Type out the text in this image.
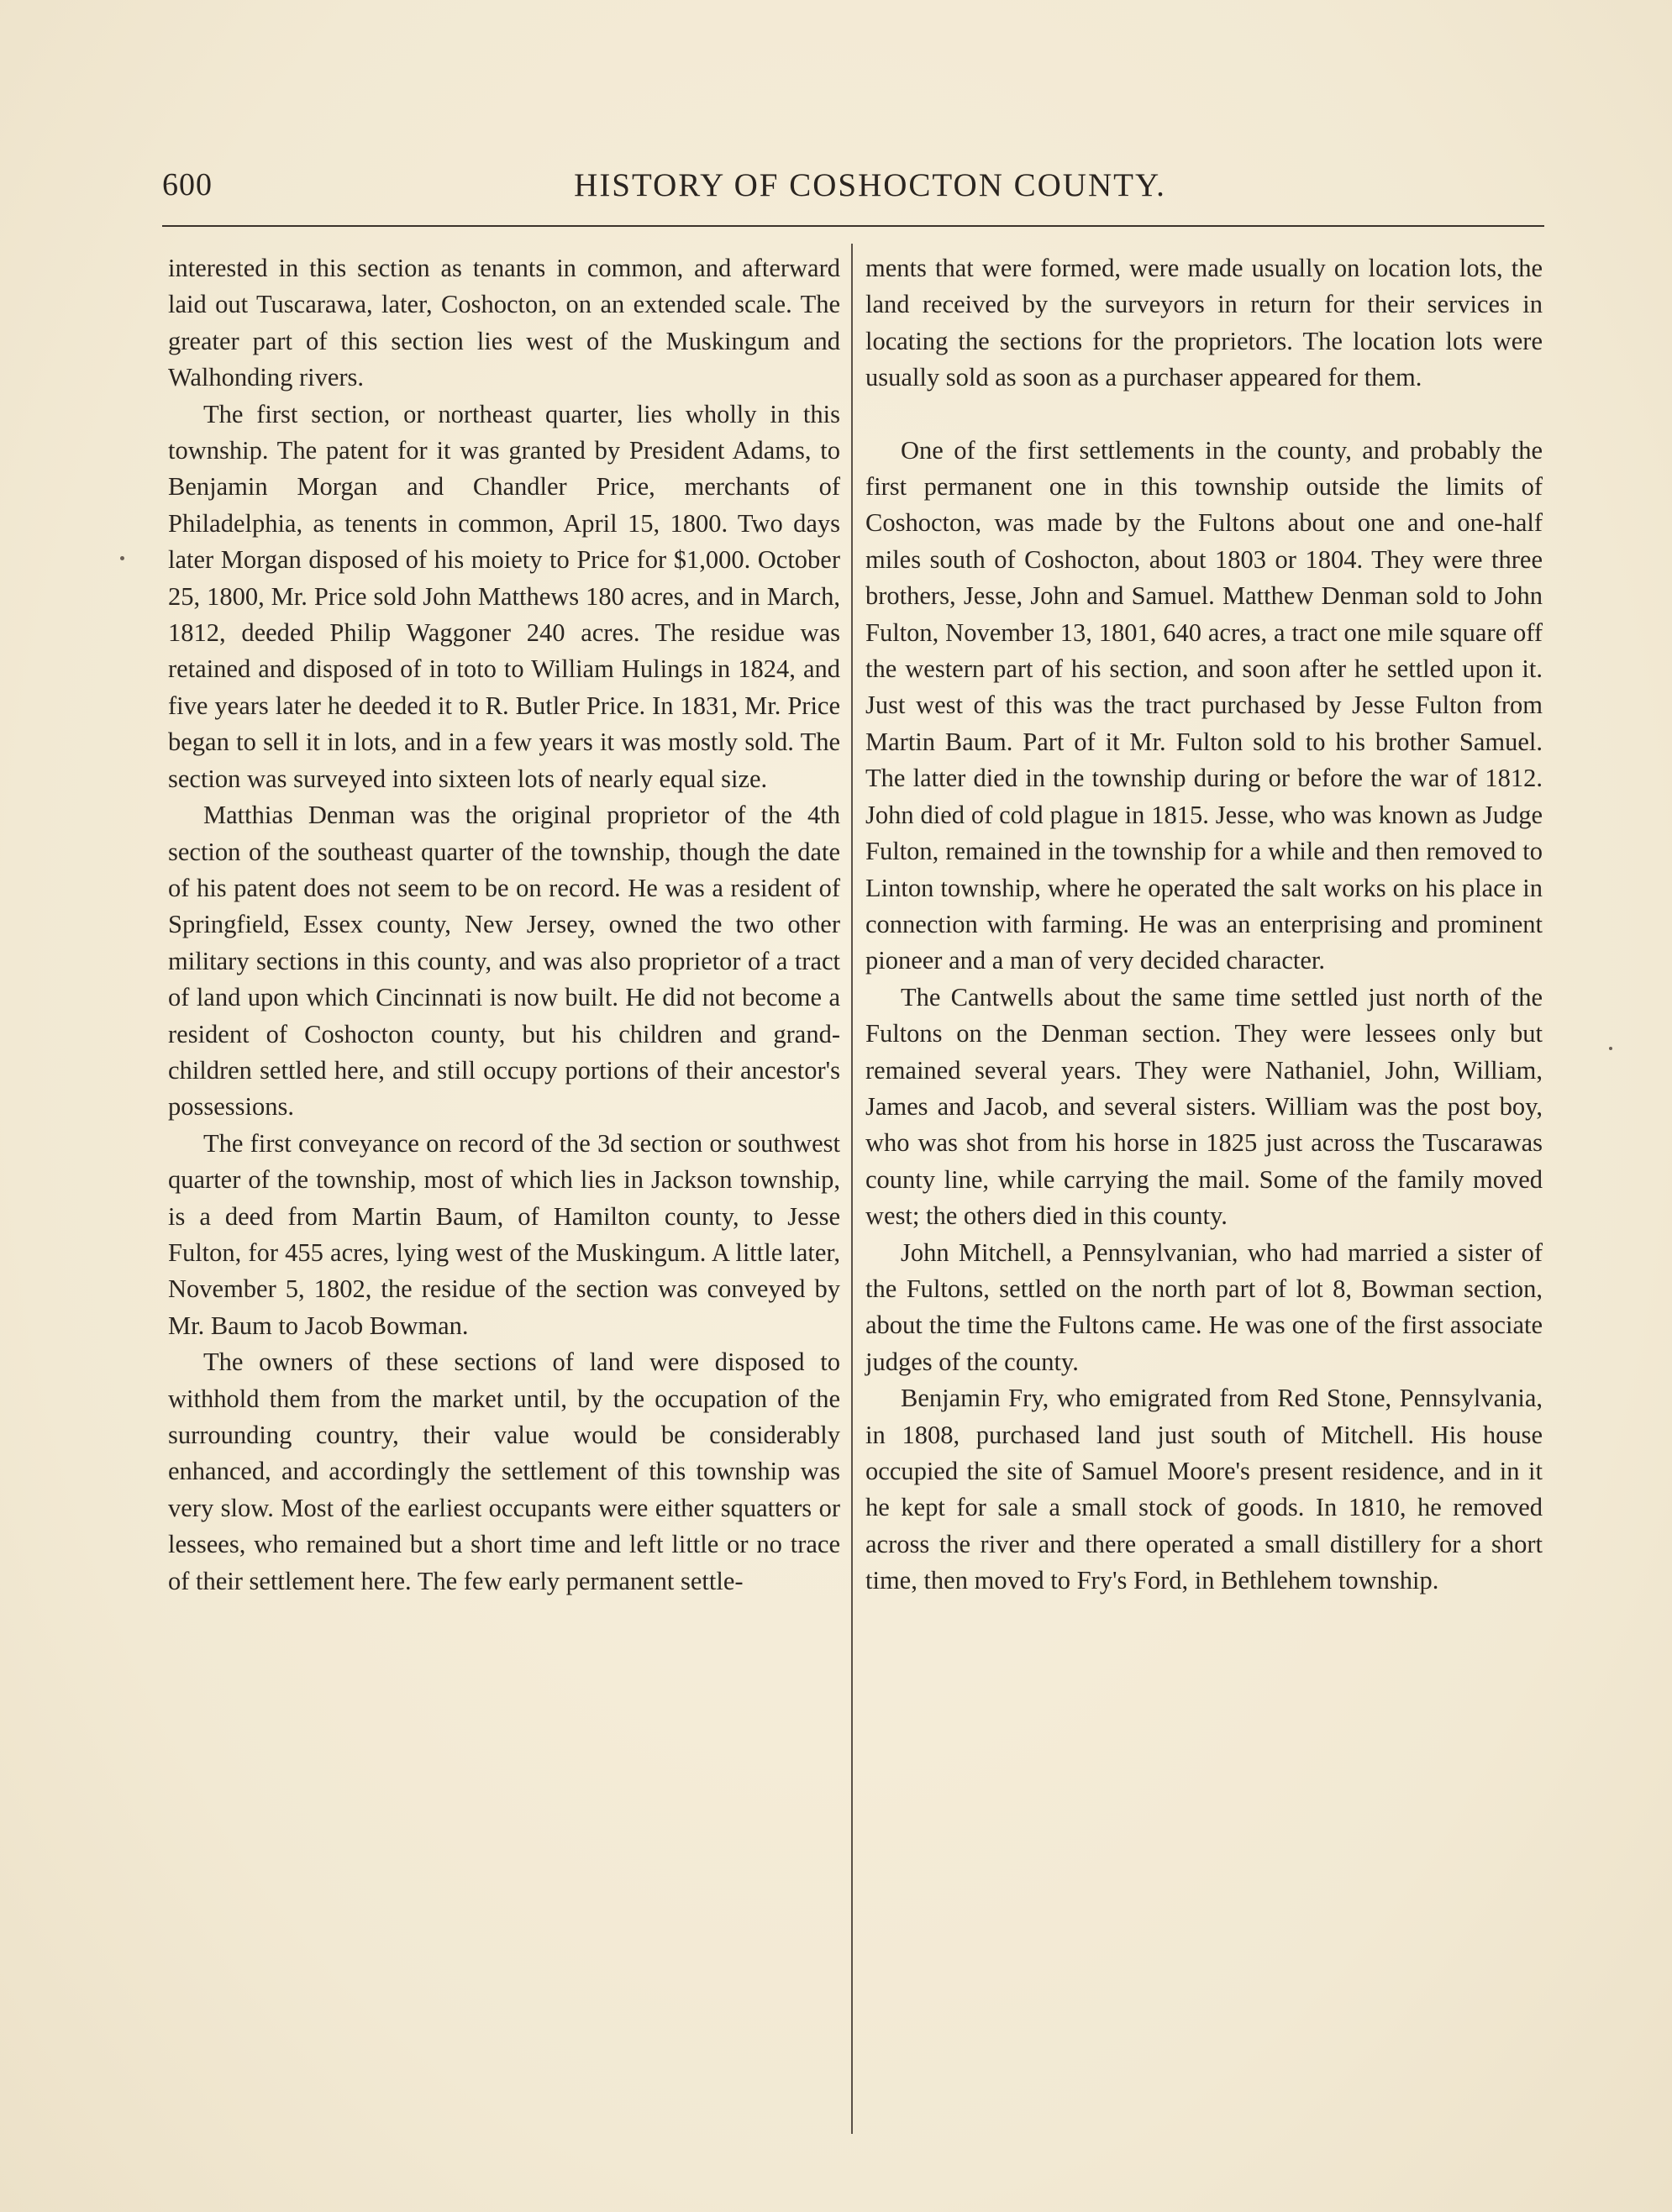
600	HISTORY OF COSHOCTON COUNTY.

interested in this section as tenants in common, and afterward laid out Tuscarawa, later, Coshocton, on an extended scale. The greater part of this section lies west of the Muskingum and Walhonding rivers.

The first section, or northeast quarter, lies wholly in this township. The patent for it was granted by President Adams, to Benjamin Morgan and Chandler Price, merchants of Philadelphia, as tenents in common, April 15, 1800. Two days later Morgan disposed of his moiety to Price for $1,000. October 25, 1800, Mr. Price sold John Matthews 180 acres, and in March, 1812, deeded Philip Waggoner 240 acres. The residue was retained and disposed of in toto to William Hulings in 1824, and five years later he deeded it to R. Butler Price. In 1831, Mr. Price began to sell it in lots, and in a few years it was mostly sold. The section was surveyed into sixteen lots of nearly equal size.

Matthias Denman was the original proprietor of the 4th section of the southeast quarter of the township, though the date of his patent does not seem to be on record. He was a resident of Springfield, Essex county, New Jersey, owned the two other military sections in this county, and was also proprietor of a tract of land upon which Cincinnati is now built. He did not become a resident of Coshocton county, but his children and grand-children settled here, and still occupy portions of their ancestor's possessions.

The first conveyance on record of the 3d section or southwest quarter of the township, most of which lies in Jackson township, is a deed from Martin Baum, of Hamilton county, to Jesse Fulton, for 455 acres, lying west of the Muskingum. A little later, November 5, 1802, the residue of the section was conveyed by Mr. Baum to Jacob Bowman.

The owners of these sections of land were disposed to withhold them from the market until, by the occupation of the surrounding country, their value would be considerably enhanced, and accordingly the settlement of this township was very slow. Most of the earliest occupants were either squatters or lessees, who remained but a short time and left little or no trace of their settlement here. The few early permanent settle-

ments that were formed, were made usually on location lots, the land received by the surveyors in return for their services in locating the sections for the proprietors. The location lots were usually sold as soon as a purchaser appeared for them.

One of the first settlements in the county, and probably the first permanent one in this township outside the limits of Coshocton, was made by the Fultons about one and one-half miles south of Coshocton, about 1803 or 1804. They were three brothers, Jesse, John and Samuel. Matthew Denman sold to John Fulton, November 13, 1801, 640 acres, a tract one mile square off the western part of his section, and soon after he settled upon it. Just west of this was the tract purchased by Jesse Fulton from Martin Baum. Part of it Mr. Fulton sold to his brother Samuel. The latter died in the township during or before the war of 1812. John died of cold plague in 1815. Jesse, who was known as Judge Fulton, remained in the township for a while and then removed to Linton township, where he operated the salt works on his place in connection with farming. He was an enterprising and prominent pioneer and a man of very decided character.

The Cantwells about the same time settled just north of the Fultons on the Denman section. They were lessees only but remained several years. They were Nathaniel, John, William, James and Jacob, and several sisters. William was the post boy, who was shot from his horse in 1825 just across the Tuscarawas county line, while carrying the mail. Some of the family moved west; the others died in this county.

John Mitchell, a Pennsylvanian, who had married a sister of the Fultons, settled on the north part of lot 8, Bowman section, about the time the Fultons came. He was one of the first associate judges of the county.

Benjamin Fry, who emigrated from Red Stone, Pennsylvania, in 1808, purchased land just south of Mitchell. His house occupied the site of Samuel Moore's present residence, and in it he kept for sale a small stock of goods. In 1810, he removed across the river and there operated a small distillery for a short time, then moved to Fry's Ford, in Bethlehem township.
